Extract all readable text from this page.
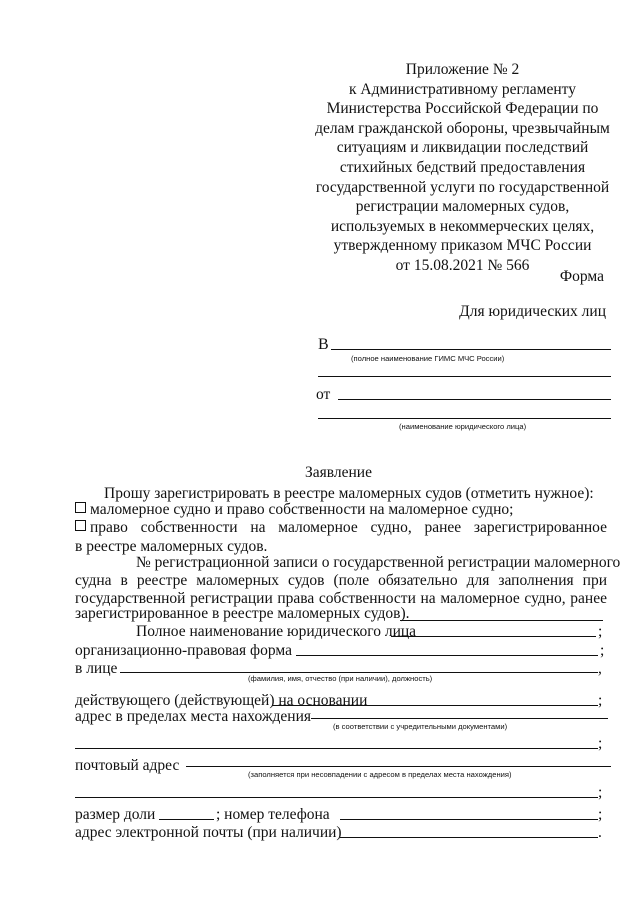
Приложение № 2
к Административному регламенту
Министерства Российской Федерации по
делам гражданской обороны, чрезвычайным
ситуациям и ликвидации последствий
стихийных бедствий предоставления
государственной услуги по государственной
регистрации маломерных судов,
используемых в некоммерческих целях,
утвержденному приказом МЧС России
от 15.08.2021 № 566
Форма
Для юридических лиц
В
(полное наименование ГИМС МЧС России)
от
(наименование юридического лица)
Заявление
Прошу зарегистрировать в реестре маломерных судов (отметить нужное):
маломерное судно и право собственности на маломерное судно;
право собственности на маломерное судно, ранее зарегистрированное
в реестре маломерных судов.
№ регистрационной записи о государственной регистрации маломерного
судна в реестре маломерных судов (поле обязательно для заполнения при
государственной регистрации права собственности на маломерное судно, ранее
зарегистрированное в реестре маломерных судов).
Полное наименование юридического лица	;
организационно-правовая форма	;
в лице	,
(фамилия, имя, отчество (при наличии), должность)
действующего (действующей) на основании	;
адрес в пределах места нахождения
(в соответствии с учредительными документами)
;
почтовый адрес
(заполняется при несовпадении с адресом в пределах места нахождения)
;
размер доли	; номер телефона	;
адрес электронной почты (при наличии)	.
